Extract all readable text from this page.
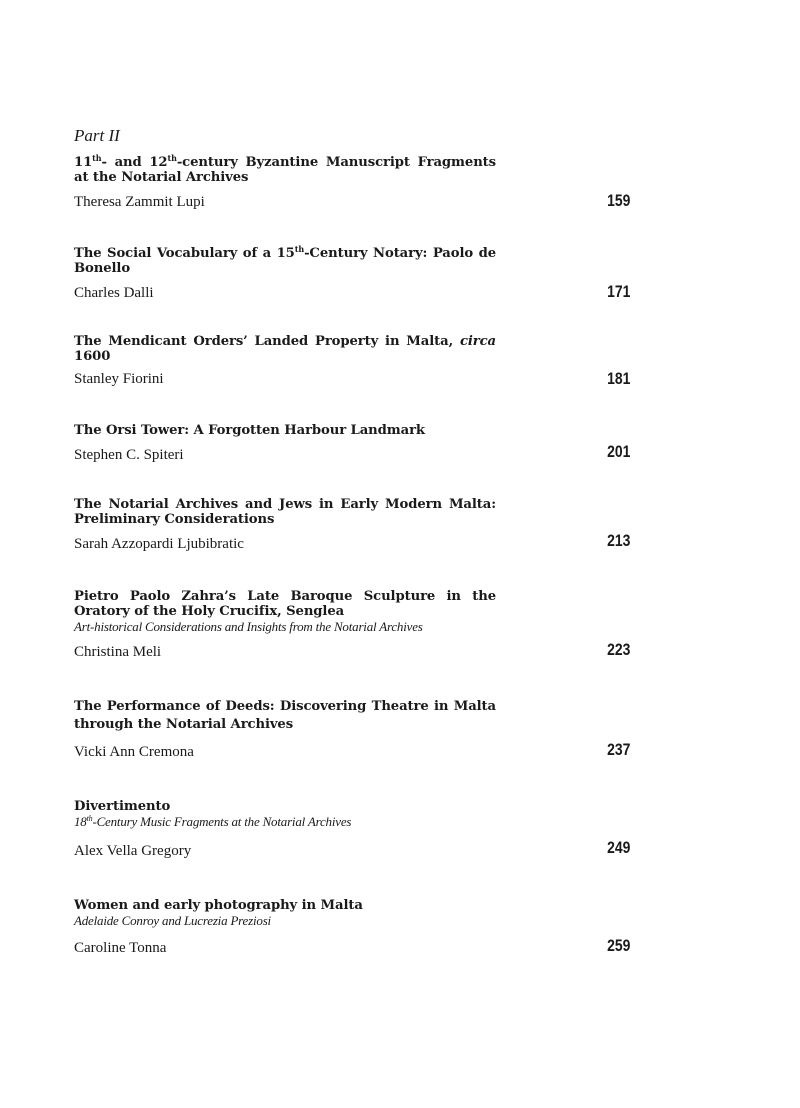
Part II
11th- and 12th-century Byzantine Manuscript Fragments at the Notarial Archives
Theresa Zammit Lupi	159
The Social Vocabulary of a 15th-Century Notary: Paolo de Bonello
Charles Dalli	171
The Mendicant Orders’ Landed Property in Malta, circa 1600
Stanley Fiorini	181
The Orsi Tower: A Forgotten Harbour Landmark
Stephen C. Spiteri	201
The Notarial Archives and Jews in Early Modern Malta: Preliminary Considerations
Sarah Azzopardi Ljubibratic	213
Pietro Paolo Zahra’s Late Baroque Sculpture in the Oratory of the Holy Crucifix, Senglea
Art-historical Considerations and Insights from the Notarial Archives
Christina Meli	223
The Performance of Deeds: Discovering Theatre in Malta through the Notarial Archives
Vicki Ann Cremona	237
Divertimento
18th-Century Music Fragments at the Notarial Archives
Alex Vella Gregory	249
Women and early photography in Malta
Adelaide Conroy and Lucrezia Preziosi
Caroline Tonna	259
